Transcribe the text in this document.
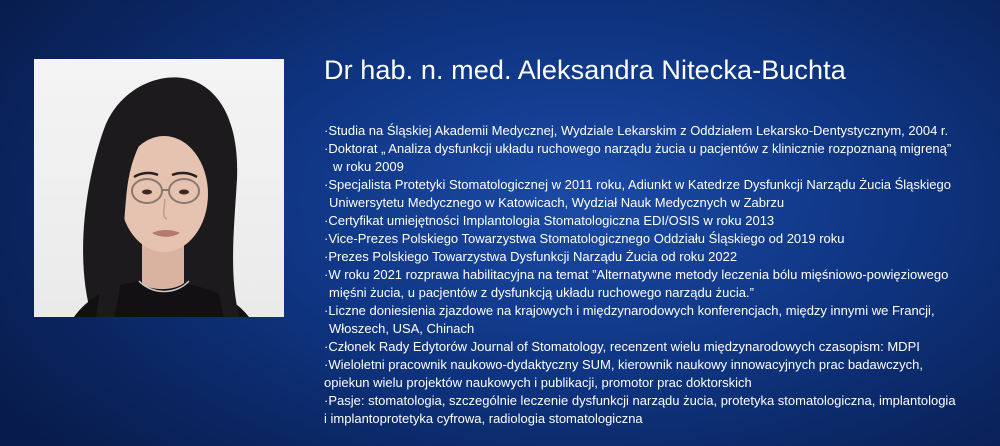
Dr hab. n. med. Aleksandra Nitecka-Buchta
·Studia na Śląskiej Akademii Medycznej, Wydziale Lekarskim z Oddziałem Lekarsko-Dentystycznym, 2004 r.
·Doktorat „ Analiza dysfunkcji układu ruchowego narządu żucia u pacjentów z klinicznie rozpoznaną migreną”
w roku 2009
·Specjalista Protetyki Stomatologicznej w 2011 roku, Adiunkt w Katedrze Dysfunkcji Narządu Żucia Śląskiego
Uniwersytetu Medycznego w Katowicach, Wydział Nauk Medycznych w Zabrzu
·Certyfikat umiejętności Implantologia Stomatologiczna EDI/OSIS w roku 2013
·Vice-Prezes Polskiego Towarzystwa Stomatologicznego Oddziału Śląskiego od 2019 roku
·Prezes Polskiego Towarzystwa Dysfunkcji Narządu Żucia od roku 2022
·W roku 2021 rozprawa habilitacyjna na temat ”Alternatywne metody leczenia bólu mięśniowo-powięziowego
mięśni żucia, u pacjentów z dysfunkcją układu ruchowego narządu żucia.”
·Liczne doniesienia zjazdowe na krajowych i międzynarodowych konferencjach, między innymi we Francji,
Włoszech, USA, Chinach
·Członek Rady Edytorów Journal of Stomatology, recenzent wielu międzynarodowych czasopism: MDPI
·Wieloletni pracownik naukowo-dydaktyczny SUM, kierownik naukowy innowacyjnych prac badawczych,
opiekun wielu projektów naukowych i publikacji, promotor prac doktorskich
·Pasje: stomatologia, szczególnie leczenie dysfunkcji narządu żucia, protetyka stomatologiczna, implantologia
i implantoprotetyka cyfrowa, radiologia stomatologiczna
